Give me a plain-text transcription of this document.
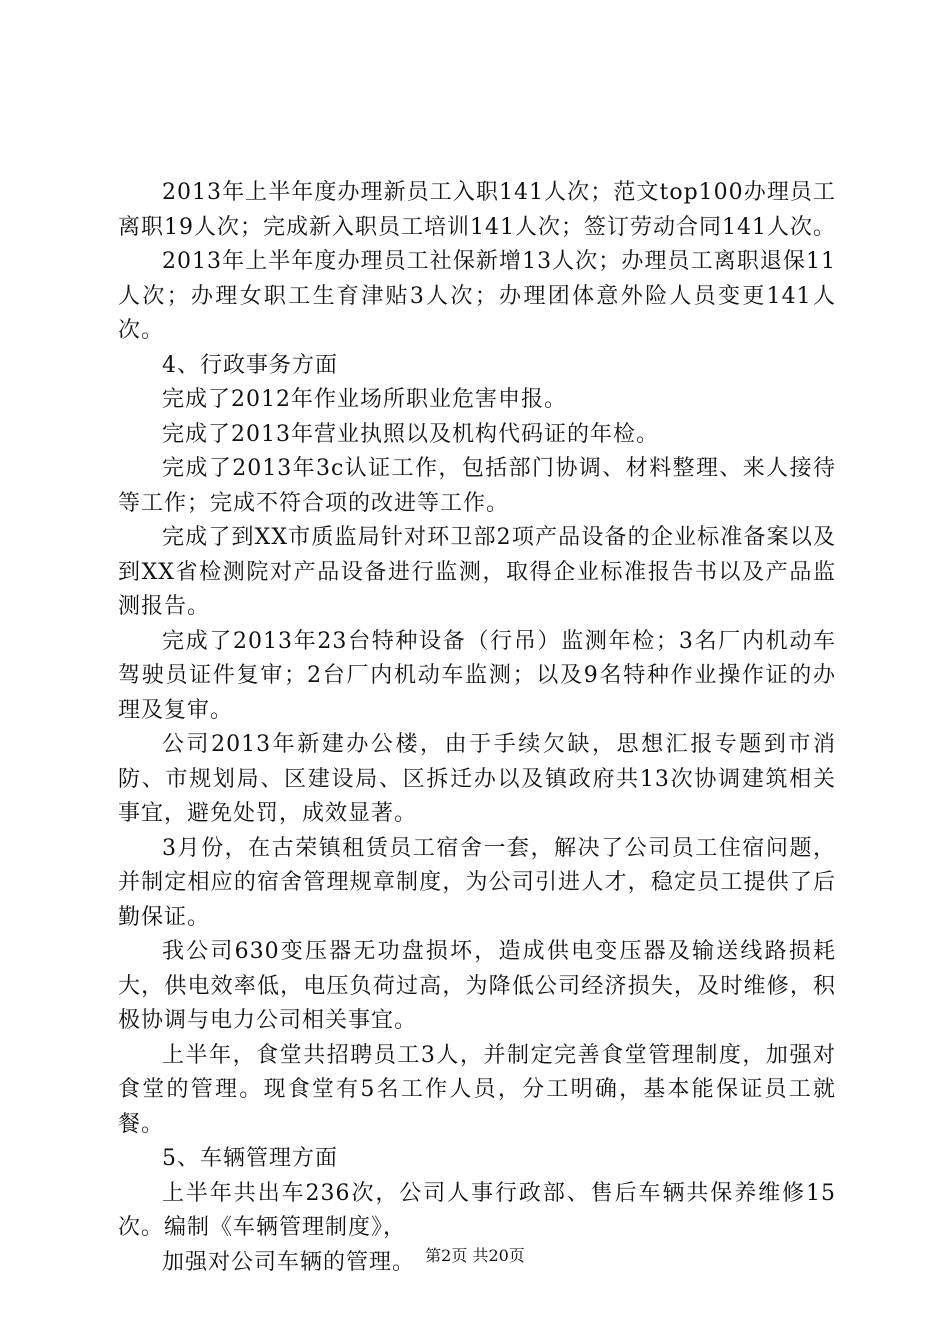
2013年上半年度办理新员工入职141人次；范文top100办理员工离职19人次；完成新入职员工培训141人次；签订劳动合同141人次。

2013年上半年度办理员工社保新增13人次；办理员工离职退保11人次；办理女职工生育津贴3人次；办理团体意外险人员变更141人次。

4、行政事务方面

完成了2012年作业场所职业危害申报。

完成了2013年营业执照以及机构代码证的年检。

完成了2013年3c认证工作，包括部门协调、材料整理、来人接待等工作；完成不符合项的改进等工作。

完成了到XX市质监局针对环卫部2项产品设备的企业标准备案以及到XX省检测院对产品设备进行监测，取得企业标准报告书以及产品监测报告。

完成了2013年23台特种设备（行吊）监测年检；3名厂内机动车驾驶员证件复审；2台厂内机动车监测；以及9名特种作业操作证的办理及复审。

公司2013年新建办公楼，由于手续欠缺，思想汇报专题到市消防、市规划局、区建设局、区拆迁办以及镇政府共13次协调建筑相关事宜，避免处罚，成效显著。

3月份，在古荣镇租赁员工宿舍一套，解决了公司员工住宿问题，并制定相应的宿舍管理规章制度，为公司引进人才，稳定员工提供了后勤保证。

我公司630变压器无功盘损坏，造成供电变压器及输送线路损耗大，供电效率低，电压负荷过高，为降低公司经济损失，及时维修，积极协调与电力公司相关事宜。

上半年，食堂共招聘员工3人，并制定完善食堂管理制度，加强对食堂的管理。现食堂有5名工作人员，分工明确，基本能保证员工就餐。

5、车辆管理方面

上半年共出车236次，公司人事行政部、售后车辆共保养维修15次。编制《车辆管理制度》，

加强对公司车辆的管理。 第2页 共20页
